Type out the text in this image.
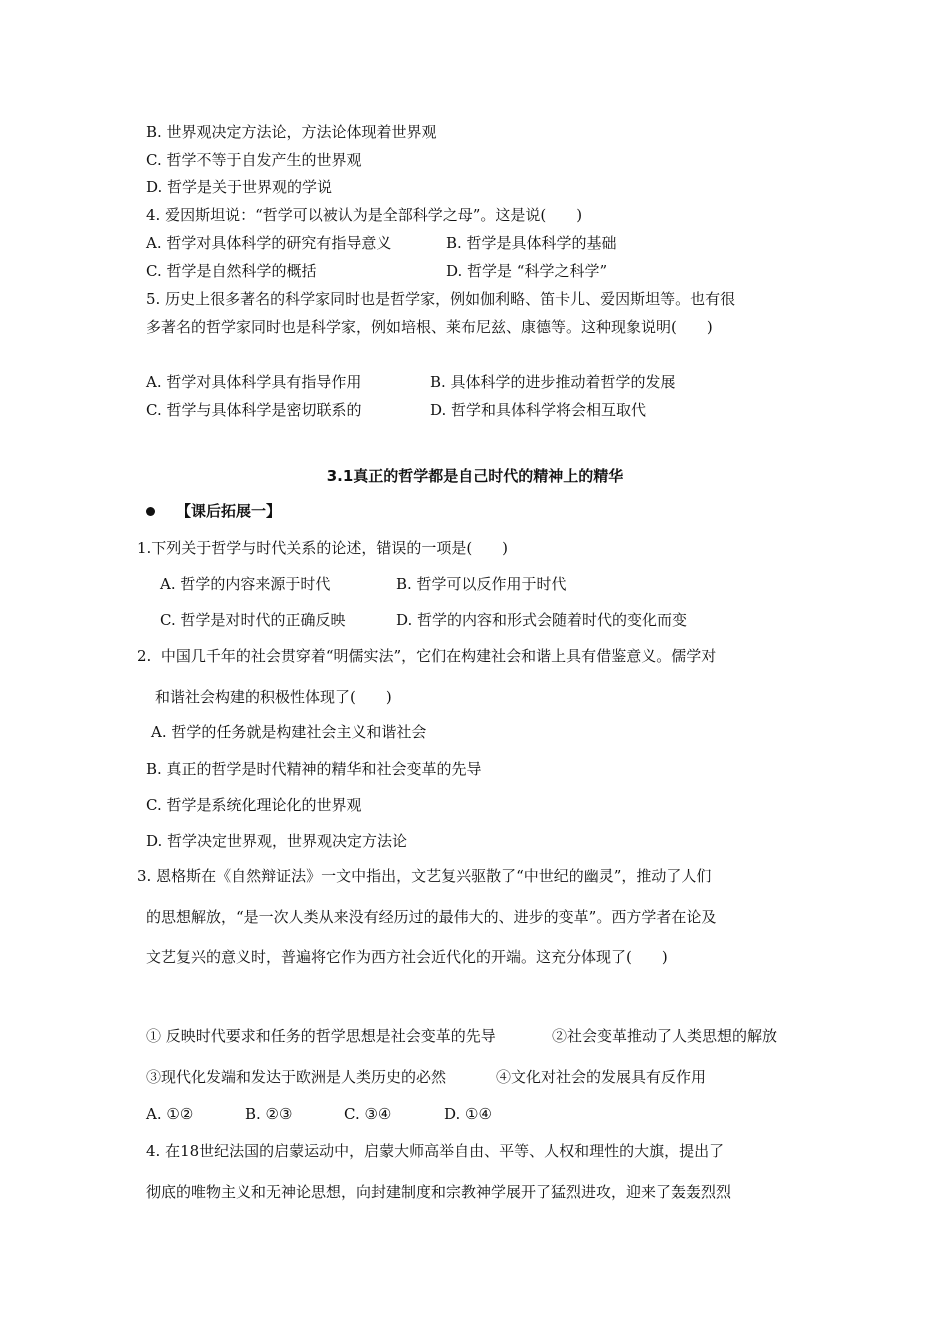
B. 世界观决定方法论，方法论体现着世界观
C. 哲学不等于自发产生的世界观
D. 哲学是关于世界观的学说
4. 爱因斯坦说：“哲学可以被认为是全部科学之母”。这是说(　　)
A. 哲学对具体科学的研究有指导意义	B. 哲学是具体科学的基础
C. 哲学是自然科学的概括	D. 哲学是 “科学之科学”
5. 历史上很多著名的科学家同时也是哲学家，例如伽利略、笛卡儿、爱因斯坦等。也有很
多著名的哲学家同时也是科学家，例如培根、莱布尼兹、康德等。这种现象说明(　　)
A. 哲学对具体科学具有指导作用	B. 具体科学的进步推动着哲学的发展
C. 哲学与具体科学是密切联系的	D. 哲学和具体科学将会相互取代
3.1真正的哲学都是自己时代的精神上的精华
【课后拓展一】
1.下列关于哲学与时代关系的论述，错误的一项是(　　)
A. 哲学的内容来源于时代	B. 哲学可以反作用于时代
C. 哲学是对时代的正确反映	D. 哲学的内容和形式会随着时代的变化而变
2.  中国几千年的社会贯穿着“明儒实法”，它们在构建社会和谐上具有借鉴意义。儒学对
和谐社会构建的积极性体现了(　　)
A. 哲学的任务就是构建社会主义和谐社会
B. 真正的哲学是时代精神的精华和社会变革的先导
C. 哲学是系统化理论化的世界观
D. 哲学决定世界观，世界观决定方法论
3. 恩格斯在《自然辩证法》一文中指出，文艺复兴驱散了“中世纪的幽灵”，推动了人们
的思想解放，“是一次人类从来没有经历过的最伟大的、进步的变革”。西方学者在论及
文艺复兴的意义时，普遍将它作为西方社会近代化的开端。这充分体现了(　　)
① 反映时代要求和任务的哲学思想是社会变革的先导	②社会变革推动了人类思想的解放
③现代化发端和发达于欧洲是人类历史的必然	④文化对社会的发展具有反作用
A. ①②	B. ②③	C. ③④	D. ①④
4. 在18世纪法国的启蒙运动中，启蒙大师高举自由、平等、人权和理性的大旗，提出了
彻底的唯物主义和无神论思想，向封建制度和宗教神学展开了猛烈进攻，迎来了轰轰烈烈
